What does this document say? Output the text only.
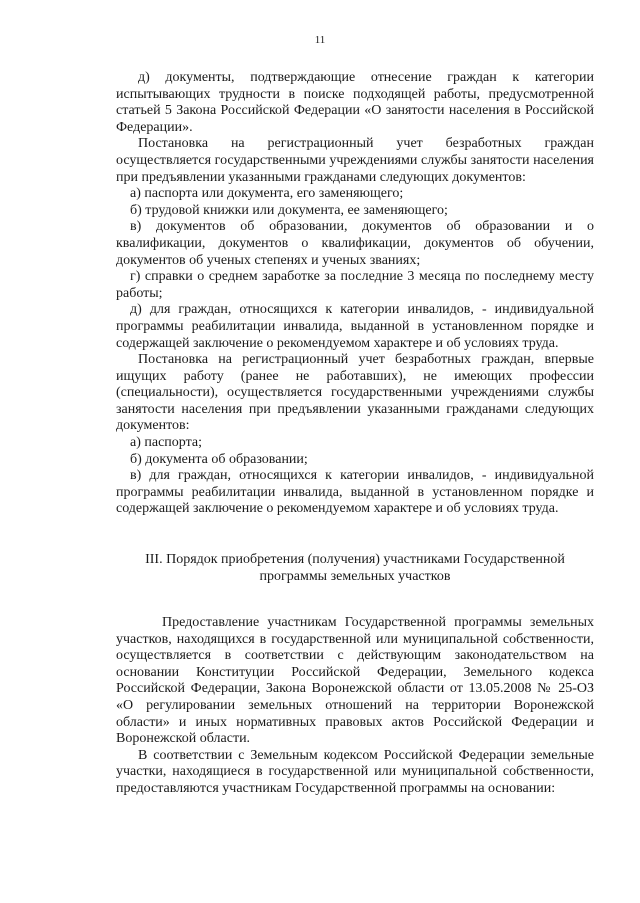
11

д) документы, подтверждающие отнесение граждан к категории испытывающих трудности в поиске подходящей работы, предусмотренной статьей 5 Закона Российской Федерации «О занятости населения в Российской Федерации».

Постановка на регистрационный учет безработных граждан осуществляется государственными учреждениями службы занятости населения при предъявлении указанными гражданами следующих документов:

а) паспорта или документа, его заменяющего;

б) трудовой книжки или документа, ее заменяющего;

в) документов об образовании, документов об образовании и о квалификации, документов о квалификации, документов об обучении, документов об ученых степенях и ученых званиях;

г) справки о среднем заработке за последние 3 месяца по последнему месту работы;

д) для граждан, относящихся к категории инвалидов, - индивидуальной программы реабилитации инвалида, выданной в установленном порядке и содержащей заключение о рекомендуемом характере и об условиях труда.

Постановка на регистрационный учет безработных граждан, впервые ищущих работу (ранее не работавших), не имеющих профессии (специальности), осуществляется государственными учреждениями службы занятости населения при предъявлении указанными гражданами следующих документов:

а) паспорта;

б) документа об образовании;

в) для граждан, относящихся к категории инвалидов, - индивидуальной программы реабилитации инвалида, выданной в установленном порядке и содержащей заключение о рекомендуемом характере и об условиях труда.

III. Порядок приобретения (получения) участниками Государственной
программы земельных участков

Предоставление участникам Государственной программы земельных участков, находящихся в государственной или муниципальной собственности, осуществляется в соответствии с действующим законодательством на основании Конституции Российской Федерации, Земельного кодекса Российской Федерации, Закона Воронежской области от 13.05.2008 № 25-ОЗ «О регулировании земельных отношений на территории Воронежской области» и иных нормативных правовых актов Российской Федерации и Воронежской области.

В соответствии с Земельным кодексом Российской Федерации земельные участки, находящиеся в государственной или муниципальной собственности, предоставляются участникам Государственной программы на основании:
